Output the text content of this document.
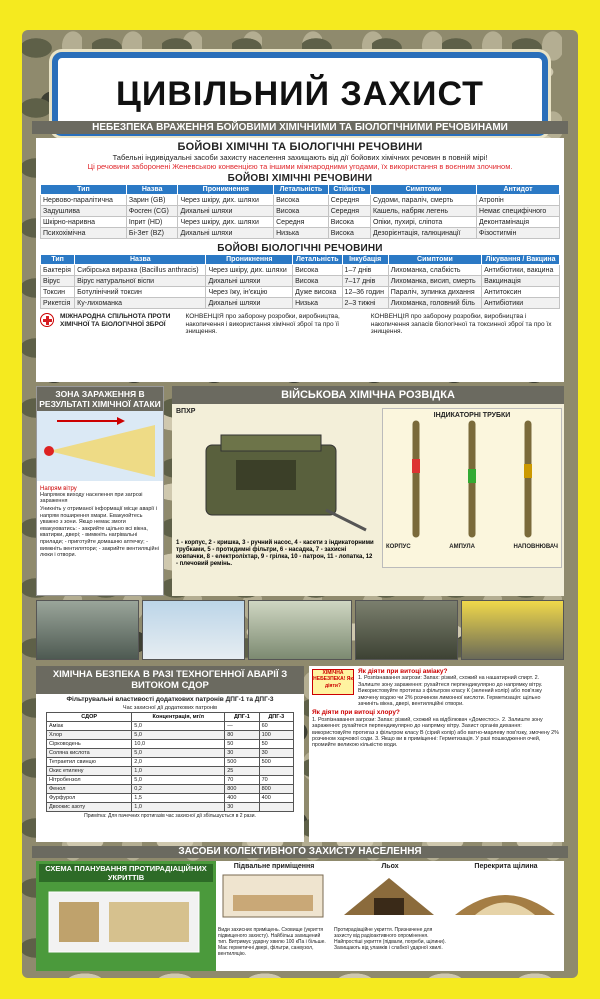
ЦИВІЛЬНИЙ ЗАХИСТ
НЕБЕЗПЕКА ВРАЖЕННЯ БОЙОВИМИ ХІМІЧНИМИ ТА БІОЛОГІЧНИМИ РЕЧОВИНАМИ
БОЙОВІ ХІМІЧНІ ТА БІОЛОГІЧНІ РЕЧОВИНИ
Табельні індивідуальні засоби захисту населення захищають від дії бойових хімічних речовин в повній мірі!
Ці речовини заборонені Женевською конвенцією та іншими міжнародними угодами, їх використання в воєнним злочином.
БОЙОВІ ХІМІЧНІ РЕЧОВИНИ
Тип	Назва	Проникнення	Летальність	Стійкість	Симптоми	Антидот
Нервово-паралітична	Зарин (GB)	Через шкіру, дих. шляхи	Висока	Середня	Судоми, параліч, смерть	Атропін
Задушлива	Фосген (CG)	Дихальні шляхи	Висока	Середня	Кашель, набряк легень	Немає специфічного
Шкірно-наривна	Іприт (HD)	Через шкіру, дих. шляхи	Середня	Висока	Опіки, пухирі, сліпота	Деконтамінація
Психохімічна	Бі-Зет (BZ)	Дихальні шляхи	Низька	Висока	Дезорієнтація, галюцинації	Фізостигмін
БОЙОВІ БІОЛОГІЧНІ РЕЧОВИНИ
Тип	Назва	Проникнення	Летальність	Інкубація	Симптоми	Лікування / Вакцина
Бактерія	Сибірська виразка (Bacillus anthracis)	Через шкіру, дих. шляхи	Висока	1–7 днів	Лихоманка, слабкість	Антибіотики, вакцина
Вірус	Вірус натуральної віспи	Дихальні шляхи	Висока	7–17 днів	Лихоманка, висип, смерть	Вакцинація
Токсин	Ботулінічний токсин	Через їжу, ін'єкцію	Дуже висока	12–36 годин	Параліч, зупинка дихання	Антитоксин
Рикетсія	Ку-лихоманка	Дихальні шляхи	Низька	2–3 тижні	Лихоманка, головний біль	Антибіотики
МІЖНАРОДНА СПІЛЬНОТА ПРОТИ ХІМІЧНОЇ ТА БІОЛОГІЧНОЇ ЗБРОЇ
КОНВЕНЦІЯ про заборону розробки, виробництва, накопичення і використання хімічної зброї та про її знищення.
КОНВЕНЦІЯ про заборону розробки, виробництва і накопичення запасів біологічної та токсинної зброї та про їх знищення.
ЗОНА ЗАРАЖЕННЯ В РЕЗУЛЬТАТІ ХІМІЧНОЇ АТАКИ
Напрям вітру
Напрямок виходу населення при загрозі зараження
Уникніть у отриманої інформації місце аварії і напрям поширення хмари. Евакуюйтесь уважно з зони. Якщо немає змоги евакуюватись: - закрийте щільно всі вікна, кватирки, двері; - вимкніть нагрівальні прилади; - приготуйте домашню аптечку; - вимкніть вентилятори; - закрийте вентиляційні люки і отвори.
ВІЙСЬКОВА ХІМІЧНА РОЗВІДКА
ВПХР
1 - корпус, 2 - кришка, 3 - ручний насос, 4 - касети з індикаторними трубками, 5 - протидимні фільтри, 6 - насадка, 7 - захисні ковпачки, 8 - електроліхтар, 9 - грілка, 10 - патрон, 11 - лопатка, 12 - плечовий ремінь.
ІНДИКАТОРНІ ТРУБКИ
КОРПУС	АМПУЛА	НАПОВНЮВАЧ
ХІМІЧНА БЕЗПЕКА В РАЗІ ТЕХНОГЕННОЇ АВАРІЇ З ВИТОКОМ СДОР
Фільтрувальні властивості додаткових патронів ДПГ-1 та ДПГ-3
Час захисної дії додаткових патронів
СДОР	Концентрація, мг/л	ДПГ-1	ДПГ-3
Аміак	5,0	—	60
Хлор	5,0	80	100
Сірководень	10,0	50	50
Соляна кислота	5,0	30	30
Тетраетил свинцю	2,0	500	500
Окис етилену	1,0	25	
Нітробензол	5,0	70	70
Фенол	0,2	800	800
Фурфурол	1,5	400	400
Двоокис азоту	1,0	30	
Примітка: Для пачечних протигазів час захисної дії збільшується в 2 рази.
ХІМІЧНА НЕБЕЗПЕКА! Як діяти?
Як діяти при витоці аміаку?
1. Розпізнавання загрози: Запах: різкий, схожий на нашатирний спирт. 2. Залиште зону зараження: рухайтеся перпендикулярно до напрямку вітру. Використовуйте протигаз з фільтром класу К (зелений колір) або пов'язку змочену водою чи 2% розчином лимонної кислоти. Герметизація: щільно зачиніть вікна, двері, вентиляційні отвори.
Як діяти при витоці хлору?
1. Розпізнавання загрози: Запах: різкий, схожий на відбілювач «Доместос». 2. Залиште зону зараження: рухайтеся перпендикулярно до напрямку вітру. Захист органів дихання: використовуйте протигаз з фільтром класу В (сірий колір) або ватно-марлеву пов'язку, змочену 2% розчином харчової соди. 3. Якщо ви в приміщенні: Герметизація. У разі пошкодження очей, промийте великою кількістю води.
ЗАСОБИ КОЛЕКТИВНОГО ЗАХИСТУ НАСЕЛЕННЯ
СХЕМА ПЛАНУВАННЯ ПРОТИРАДІАЦІЙНИХ УКРИТТІВ
Підвальне приміщення
Види захисних приміщень. Сховище (укриття підвищеного захисту). Найбільш захищений тип. Витримує ударну хвилю 100 кПа і більше. Має герметичні двері, фільтри, санвузол, вентиляцію.
Льох
Протирадіаційне укриття. Призначене для захисту від радіоактивного опромінення. Найпростіші укриття (підвали, погреби, щілини). Захищають від уламків і слабкої ударної хвилі.
Перекрита щілина
